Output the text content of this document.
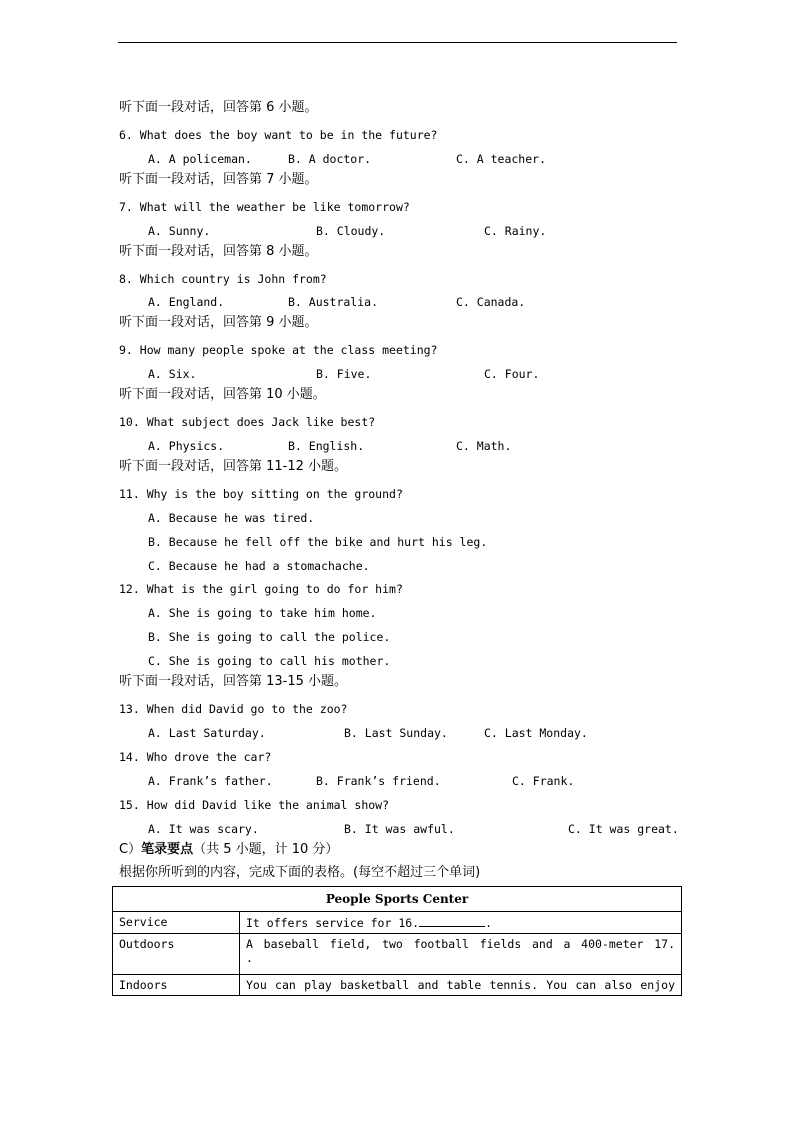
听下面一段对话，回答第 6 小题。
6. What does the boy want to be in the future?
A. A policeman.	B. A doctor.	C. A teacher.
听下面一段对话，回答第 7 小题。
7. What will the weather be like tomorrow?
A. Sunny.	B. Cloudy.	C. Rainy.
听下面一段对话，回答第 8 小题。
8. Which country is John from?
A. England.	B. Australia.	C. Canada.
听下面一段对话，回答第 9 小题。
9. How many people spoke at the class meeting?
A. Six.	B. Five.	C. Four.
听下面一段对话，回答第 10 小题。
10. What subject does Jack like best?
A. Physics.	B. English.	C. Math.
听下面一段对话，回答第 11-12 小题。
11. Why is the boy sitting on the ground?
A. Because he was tired.
B. Because he fell off the bike and hurt his leg.
C. Because he had a stomachache.
12. What is the girl going to do for him?
A. She is going to take him home.
B. She is going to call the police.
C. She is going to call his mother.
听下面一段对话，回答第 13-15 小题。
13. When did David go to the zoo?
A. Last Saturday.	B. Last Sunday.	C. Last Monday.
14. Who drove the car?
A. Frank’s father.	B. Frank’s friend.	C. Frank.
15. How did David like the animal show?
A. It was scary.	B. It was awful.	C. It was great.
C）笔录要点（共 5 小题，计 10 分）
根据你所听到的内容，完成下面的表格。(每空不超过三个单词)
People Sports Center	
Service	It offers service for 16. .
Outdoors	A baseball field, two football fields and a 400-meter 17.
.

Indoors	You can play basketball and table tennis. You can also enjoy
